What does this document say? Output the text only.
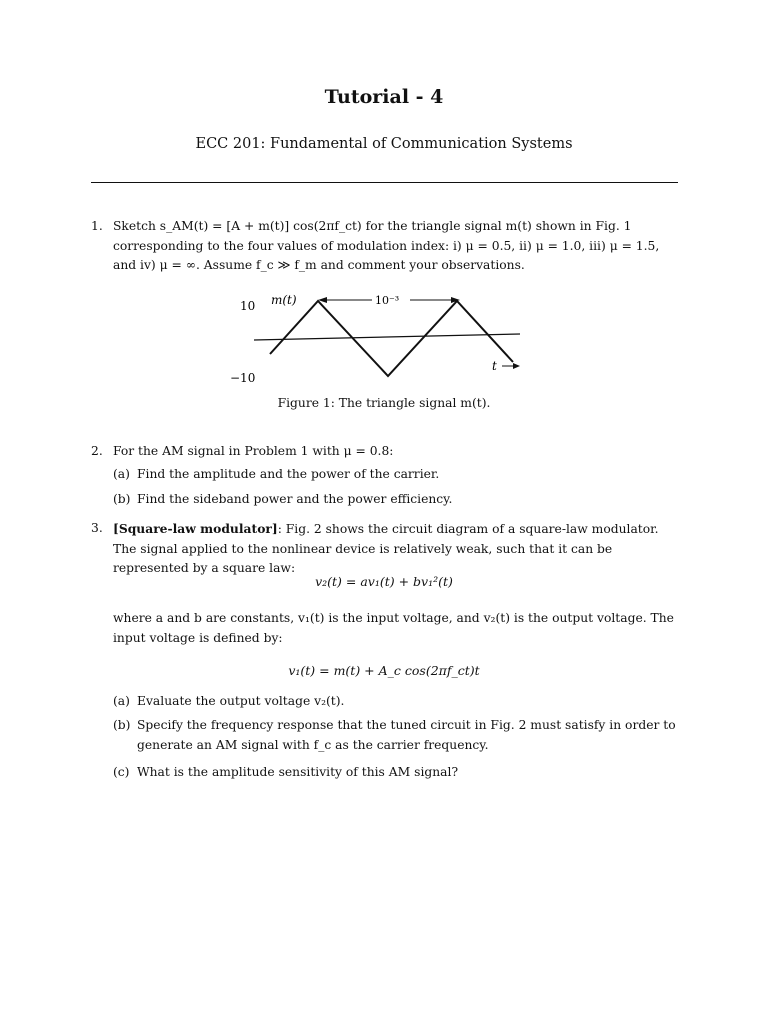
Tutorial - 4
ECC 201: Fundamental of Communication Systems
1. Sketch s_AM(t) = [A + m(t)] cos(2πf_ct) for the triangle signal m(t) shown in Fig. 1 corresponding to the four values of modulation index: i) μ = 0.5, ii) μ = 1.0, iii) μ = 1.5, and iv) μ = ∞. Assume f_c ≫ f_m and comment your observations.
10⁻³
10 m(t)
−10
t
Figure 1: The triangle signal m(t).
2. For the AM signal in Problem 1 with μ = 0.8:
(a) Find the amplitude and the power of the carrier.
(b) Find the sideband power and the power efficiency.
3. [Square-law modulator]: Fig. 2 shows the circuit diagram of a square-law modulator. The signal applied to the nonlinear device is relatively weak, such that it can be represented by a square law:
v₂(t) = av₁(t) + bv₁²(t)
where a and b are constants, v₁(t) is the input voltage, and v₂(t) is the output voltage. The input voltage is defined by:
v₁(t) = m(t) + A_c cos(2πf_ct)t
(a) Evaluate the output voltage v₂(t).
(b) Specify the frequency response that the tuned circuit in Fig. 2 must satisfy in order to generate an AM signal with f_c as the carrier frequency.
(c) What is the amplitude sensitivity of this AM signal?
